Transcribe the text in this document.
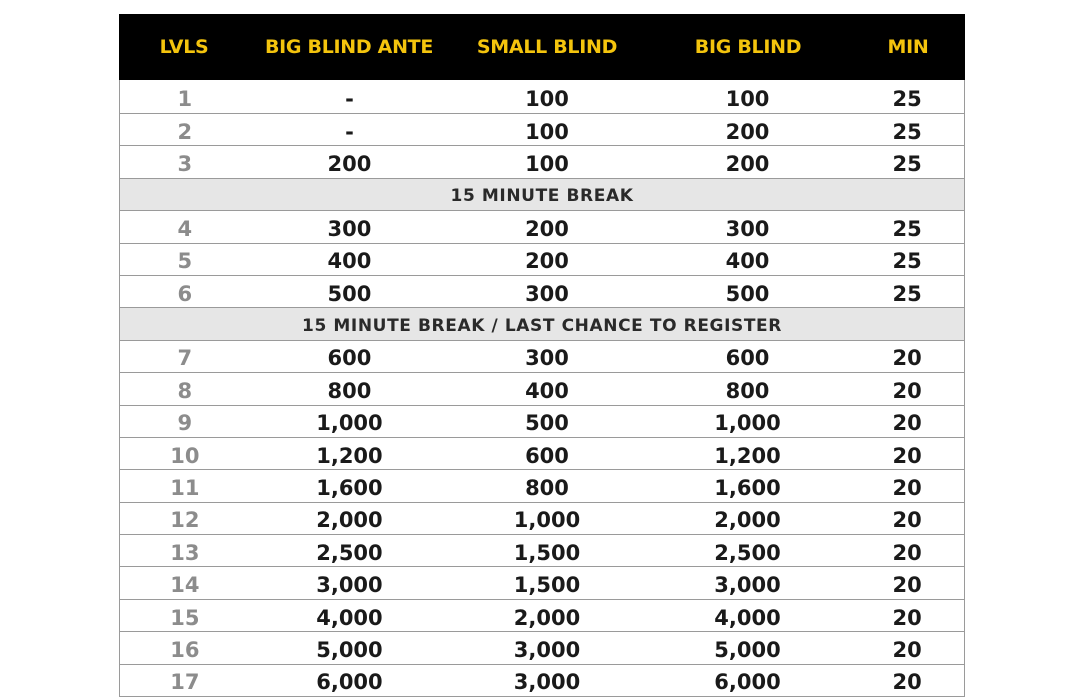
LVLS	BIG BLIND ANTE	SMALL BLIND	BIG BLIND	MIN
1	-	100	100	25
2	-	100	200	25
3	200	100	200	25
15 MINUTE BREAK
4	300	200	300	25
5	400	200	400	25
6	500	300	500	25
15 MINUTE BREAK / LAST CHANCE TO REGISTER
7	600	300	600	20
8	800	400	800	20
9	1,000	500	1,000	20
10	1,200	600	1,200	20
11	1,600	800	1,600	20
12	2,000	1,000	2,000	20
13	2,500	1,500	2,500	20
14	3,000	1,500	3,000	20
15	4,000	2,000	4,000	20
16	5,000	3,000	5,000	20
17	6,000	3,000	6,000	20
